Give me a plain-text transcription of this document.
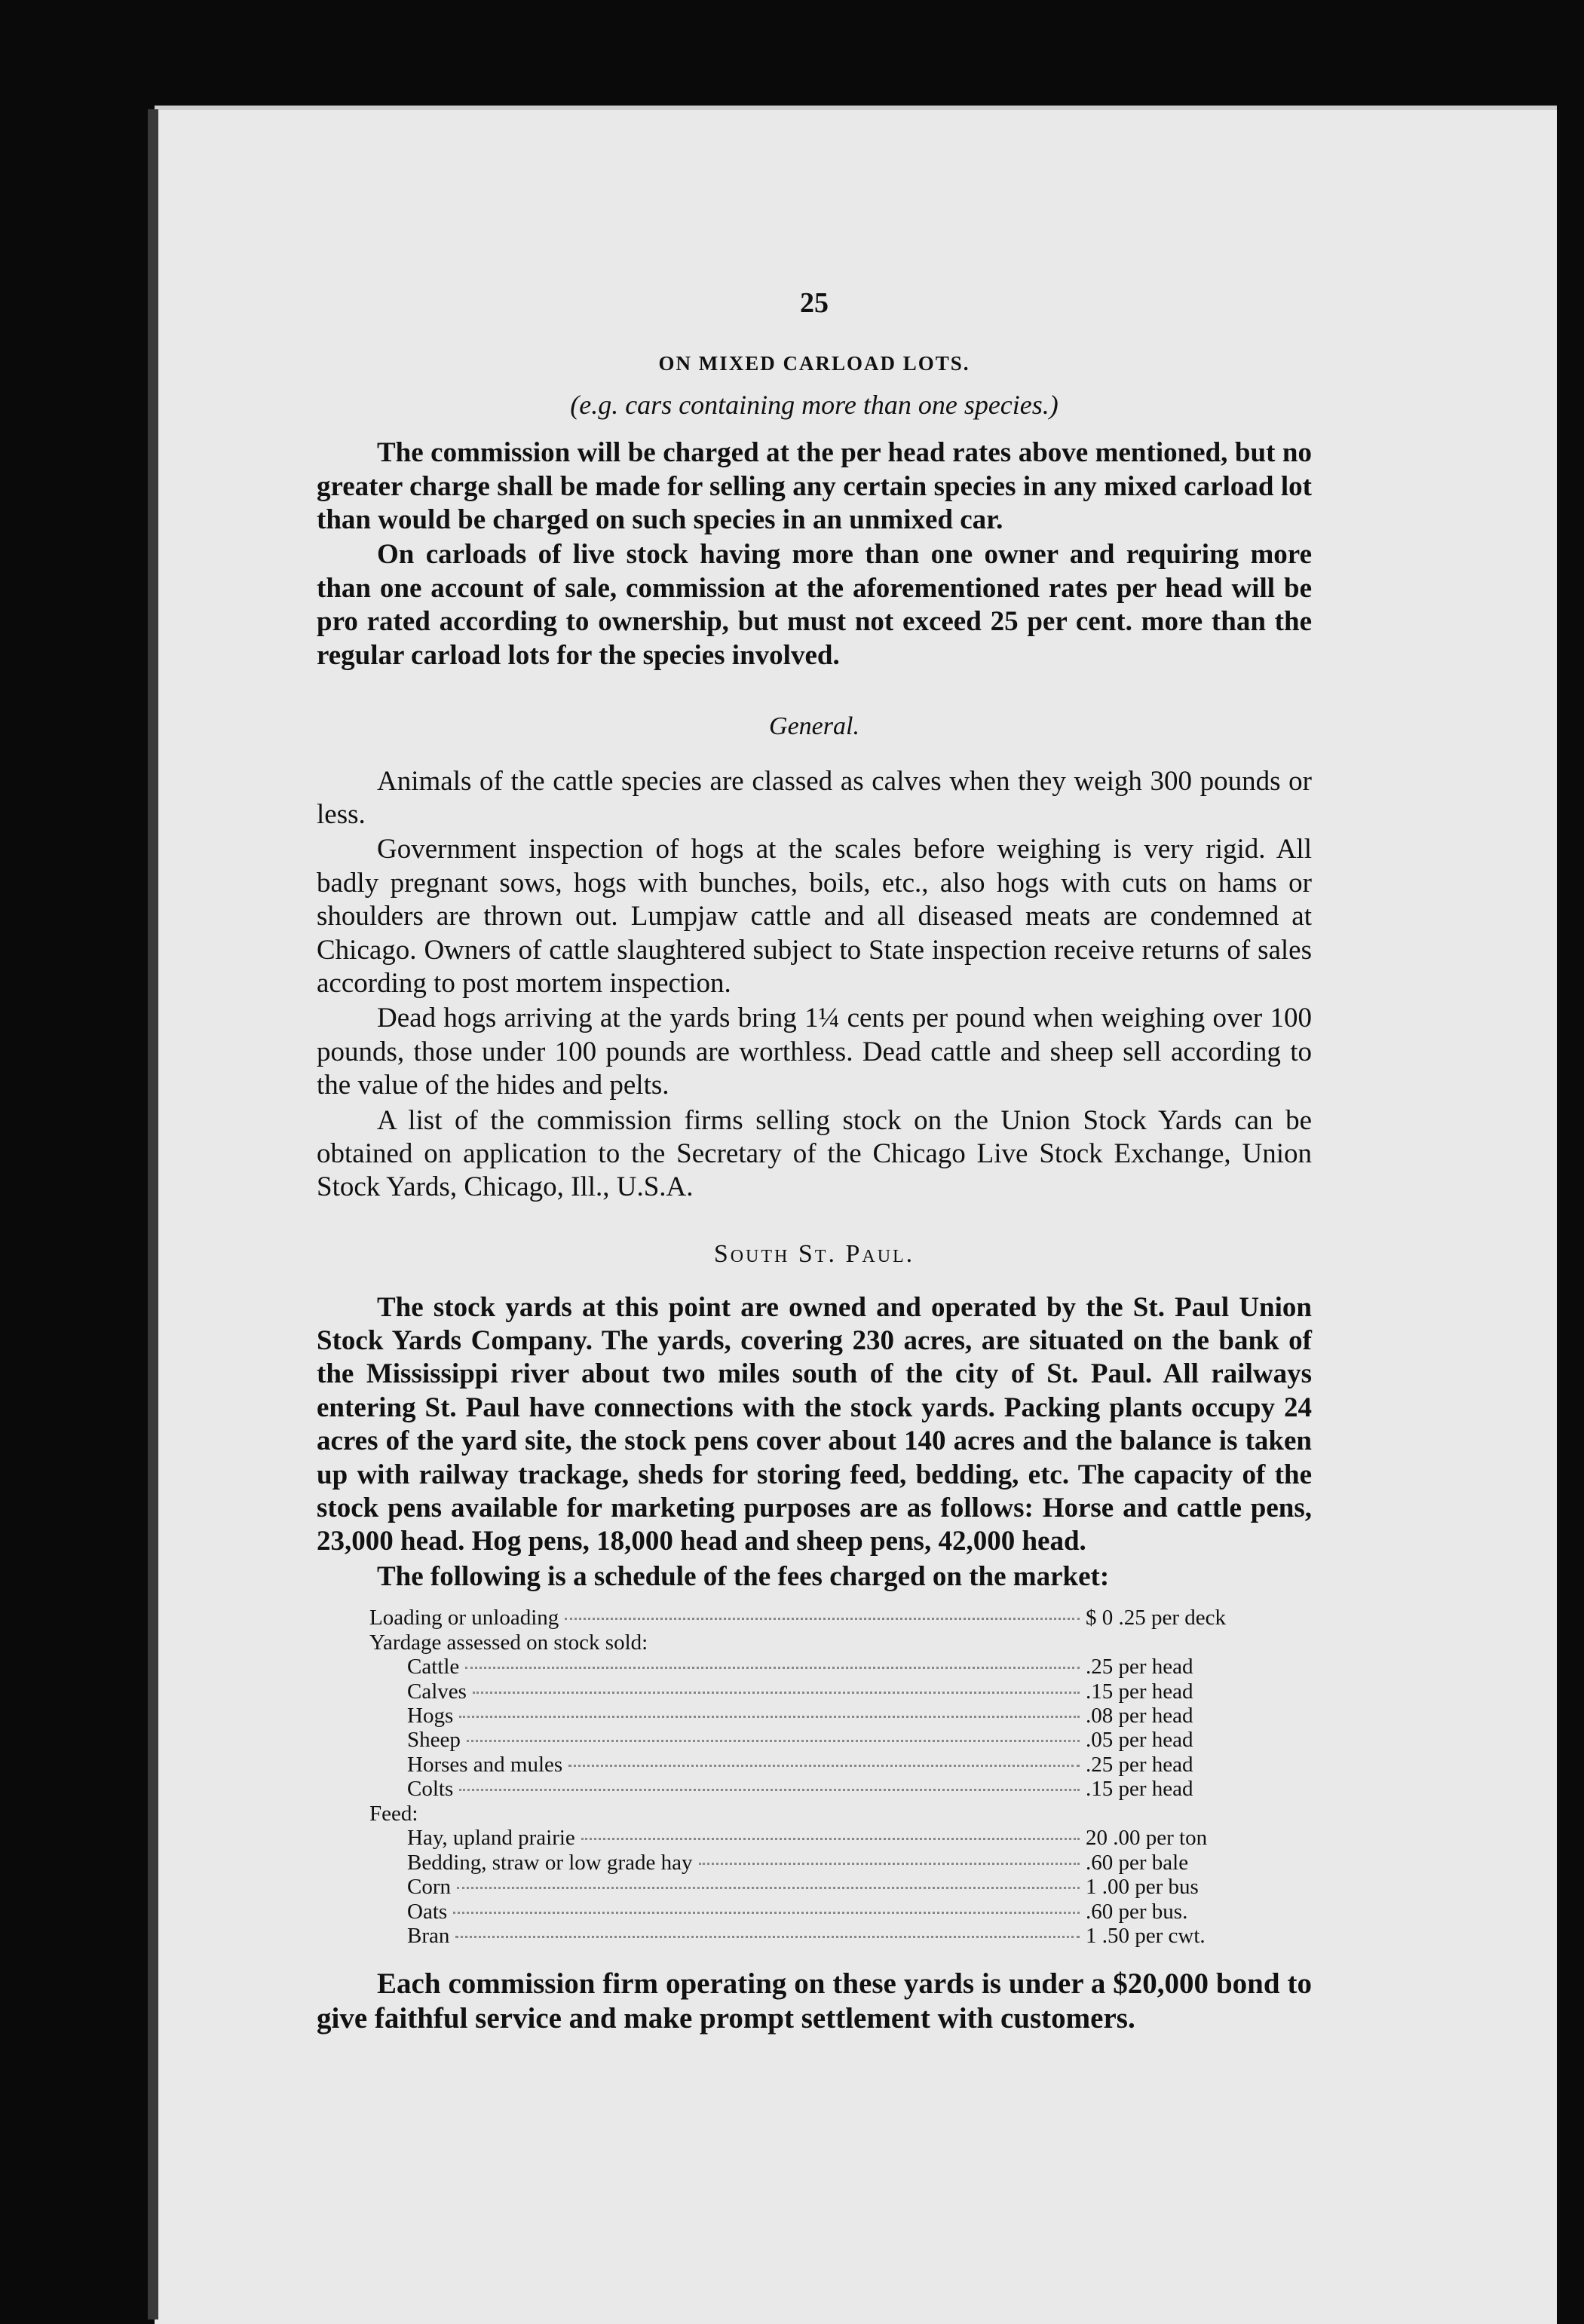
25
ON MIXED CARLOAD LOTS.
(e.g. cars containing more than one species.)

The commission will be charged at the per head rates above mentioned, but no greater charge shall be made for selling any certain species in any mixed carload lot than would be charged on such species in an unmixed car.

On carloads of live stock having more than one owner and requiring more than one account of sale, commission at the aforementioned rates per head will be pro rated according to ownership, but must not exceed 25 per cent. more than the regular carload lots for the species involved.

General.

Animals of the cattle species are classed as calves when they weigh 300 pounds or less.

Government inspection of hogs at the scales before weighing is very rigid. All badly pregnant sows, hogs with bunches, boils, etc., also hogs with cuts on hams or shoulders are thrown out. Lumpjaw cattle and all diseased meats are condemned at Chicago. Owners of cattle slaughtered subject to State inspection receive returns of sales according to post mortem inspection.

Dead hogs arriving at the yards bring 1¼ cents per pound when weighing over 100 pounds, those under 100 pounds are worthless. Dead cattle and sheep sell according to the value of the hides and pelts.

A list of the commission firms selling stock on the Union Stock Yards can be obtained on application to the Secretary of the Chicago Live Stock Exchange, Union Stock Yards, Chicago, Ill., U.S.A.

South St. Paul.

The stock yards at this point are owned and operated by the St. Paul Union Stock Yards Company. The yards, covering 230 acres, are situated on the bank of the Mississippi river about two miles south of the city of St. Paul. All railways entering St. Paul have connections with the stock yards. Packing plants occupy 24 acres of the yard site, the stock pens cover about 140 acres and the balance is taken up with railway trackage, sheds for storing feed, bedding, etc. The capacity of the stock pens available for marketing purposes are as follows: Horse and cattle pens, 23,000 head. Hog pens, 18,000 head and sheep pens, 42,000 head.

The following is a schedule of the fees charged on the market:

Loading or unloading	$ 0 .25 per deck
Yardage assessed on stock sold:
Cattle	.25 per head
Calves	.15 per head
Hogs	.08 per head
Sheep	.05 per head
Horses and mules	.25 per head
Colts	.15 per head
Feed:
Hay, upland prairie	20 .00 per ton
Bedding, straw or low grade hay	.60 per bale
Corn	1 .00 per bus
Oats	.60 per bus.
Bran	1 .50 per cwt.

Each commission firm operating on these yards is under a $20,000 bond to give faithful service and make prompt settlement with customers.
